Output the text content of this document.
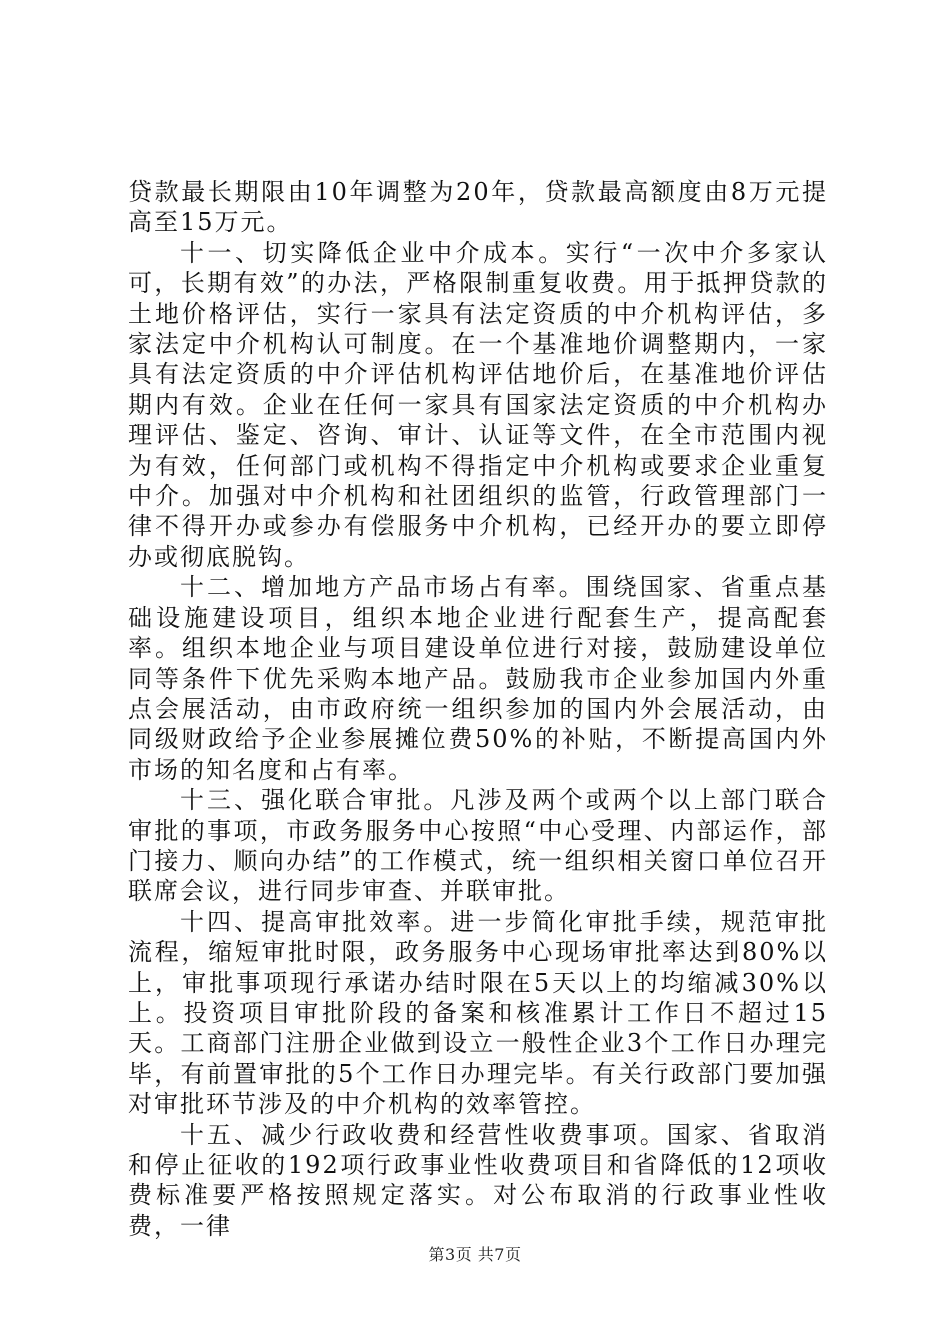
贷款最长期限由10年调整为20年，贷款最高额度由8万元提高至15万元。

十一、切实降低企业中介成本。实行“一次中介多家认可，长期有效”的办法，严格限制重复收费。用于抵押贷款的土地价格评估，实行一家具有法定资质的中介机构评估，多家法定中介机构认可制度。在一个基准地价调整期内，一家具有法定资质的中介评估机构评估地价后，在基准地价评估期内有效。企业在任何一家具有国家法定资质的中介机构办理评估、鉴定、咨询、审计、认证等文件，在全市范围内视为有效，任何部门或机构不得指定中介机构或要求企业重复中介。加强对中介机构和社团组织的监管，行政管理部门一律不得开办或参办有偿服务中介机构，已经开办的要立即停办或彻底脱钩。

十二、增加地方产品市场占有率。围绕国家、省重点基础设施建设项目，组织本地企业进行配套生产，提高配套率。组织本地企业与项目建设单位进行对接，鼓励建设单位同等条件下优先采购本地产品。鼓励我市企业参加国内外重点会展活动，由市政府统一组织参加的国内外会展活动，由同级财政给予企业参展摊位费50%的补贴，不断提高国内外市场的知名度和占有率。

十三、强化联合审批。凡涉及两个或两个以上部门联合审批的事项，市政务服务中心按照“中心受理、内部运作，部门接力、顺向办结”的工作模式，统一组织相关窗口单位召开联席会议，进行同步审查、并联审批。

十四、提高审批效率。进一步简化审批手续，规范审批流程，缩短审批时限，政务服务中心现场审批率达到80%以上，审批事项现行承诺办结时限在5天以上的均缩减30%以上。投资项目审批阶段的备案和核准累计工作日不超过15天。工商部门注册企业做到设立一般性企业3个工作日办理完毕，有前置审批的5个工作日办理完毕。有关行政部门要加强对审批环节涉及的中介机构的效率管控。

十五、减少行政收费和经营性收费事项。国家、省取消和停止征收的192项行政事业性收费项目和省降低的12项收费标准要严格按照规定落实。对公布取消的行政事业性收费，一律

第3页 共7页
